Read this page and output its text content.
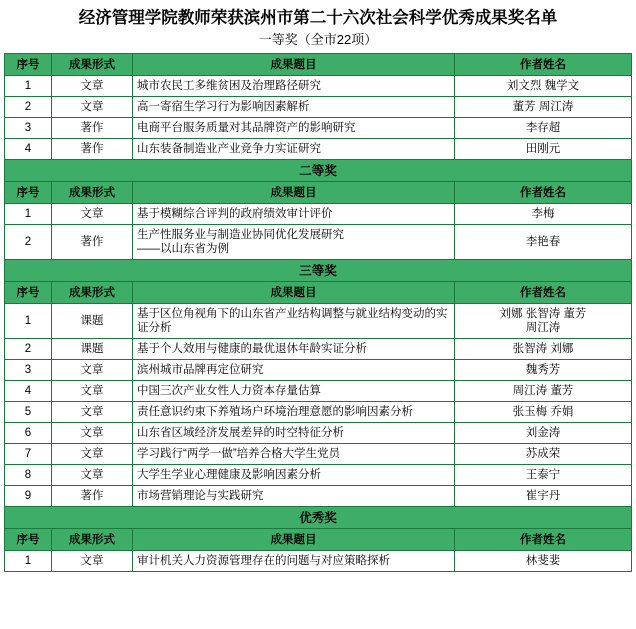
经济管理学院教师荣获滨州市第二十六次社会科学优秀成果奖名单
一等奖（全市22项）
序号	成果形式	成果题目	作者姓名
1	文章	城市农民工多维贫困及治理路径研究	刘文烈 魏学文

2	文章	高一寄宿生学习行为影响因素解析	董芳 周江涛

3	著作	电商平台服务质量对其品牌资产的影响研究	李存超

4	著作	山东装备制造业产业竞争力实证研究	田刚元

二等奖			
序号	成果形式	成果题目	作者姓名
1	文章	基于模糊综合评判的政府绩效审计评价	李梅

2	著作	生产性服务业与制造业协同优化发展研究
——以山东省为例	李艳春

三等奖			
序号	成果形式	成果题目	作者姓名
1	课题	基于区位角视角下的山东省产业结构调整与就业结构变动的实证分析	刘娜 张智涛 董芳
周江涛

2	课题	基于个人效用与健康的最优退休年龄实证分析	张智涛 刘娜

3	文章	滨州城市品牌再定位研究	魏秀芳

4	文章	中国三次产业女性人力资本存量估算	周江涛 董芳

5	文章	责任意识约束下养殖场户环境治理意愿的影响因素分析	张玉梅 乔娟

6	文章	山东省区域经济发展差异的时空特征分析	刘金涛

7	文章	学习践行“两学一做”培养合格大学生党员	苏成荣

8	文章	大学生学业心理健康及影响因素分析	王泰宁

9	著作	市场营销理论与实践研究	崔宇丹

优秀奖			
序号	成果形式	成果题目	作者姓名
1	文章	审计机关人力资源管理存在的问题与对应策略探析	林斐婓
